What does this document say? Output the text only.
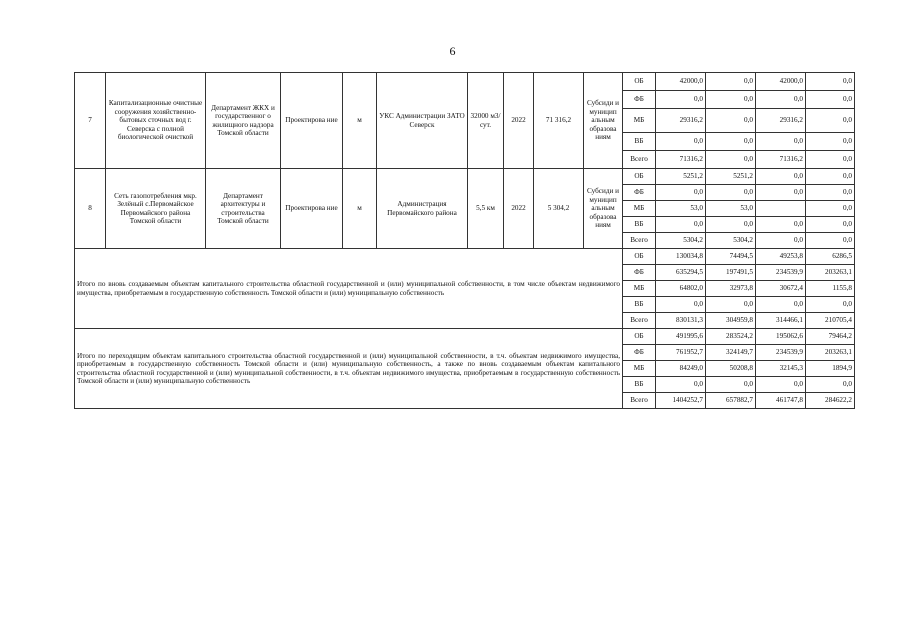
6
7	Капитализационные очистные сооружения хозяйственно-бытовых сточных вод г. Северска с полной биологической очисткой	Департамент ЖКХ и государственног о жилищного надзора Томской области	Проектирова ние	м	УКС Администрации ЗАТО Северск	32000 м3/сут.	2022	71 316,2	Субсиди и муницип альным образова ниям	ОБ	42000,0	0,0	42000,0	0,0
										ФБ	0,0	0,0	0,0	0,0
										МБ	29316,2	0,0	29316,2	0,0
										ВБ	0,0	0,0	0,0	0,0
										Всего	71316,2	0,0	71316,2	0,0
8	Сеть газопотребления мкр. Зелёный с.Первомайское Первомайского района Томской области	Департамент архитектуры и строительства Томской области	Проектирова ние	м	Администрация Первомайского района	5,5 км	2022	5 304,2	Субсиди и муницип альным образова ниям	ОБ	5251,2	5251,2	0,0	0,0
										ФБ	0,0	0,0	0,0	0,0
										МБ	53,0	53,0		0,0
										ВБ	0,0	0,0	0,0	0,0
										Всего	5304,2	5304,2	0,0	0,0
Итого по вновь создаваемым объектам капитального строительства областной государственной и (или) муниципальной собственности, в том числе объектам недвижимого имущества, приобретаемым в государственную собственность Томской области и (или) муниципальную собственность										ОБ	130034,8	74494,5	49253,8	6286,5
										ФБ	635294,5	197491,5	234539,9	203263,1
										МБ	64802,0	32973,8	30672,4	1155,8
										ВБ	0,0	0,0	0,0	0,0
										Всего	830131,3	304959,8	314466,1	210705,4
Итого по переходящим объектам капитального строительства областной государственной и (или) муниципальной собственности, в т.ч. объектам недвижимого имущества, приобретаемым в государственную собственность Томской области и (или) муниципальную собственность, а также по вновь создаваемым объектам капитального строительства областной государственной и (или) муниципальной собственности, в т.ч. объектам недвижимого имущества, приобретаемым в государственную собственность Томской области и (или) муниципальную собственность										ОБ	491995,6	283524,2	195062,6	79464,2
										ФБ	761952,7	324149,7	234539,9	203263,1
										МБ	84249,0	50208,8	32145,3	1894,9
										ВБ	0,0	0,0	0,0	0,0
										Всего	1404252,7	657882,7	461747,8	284622,2
